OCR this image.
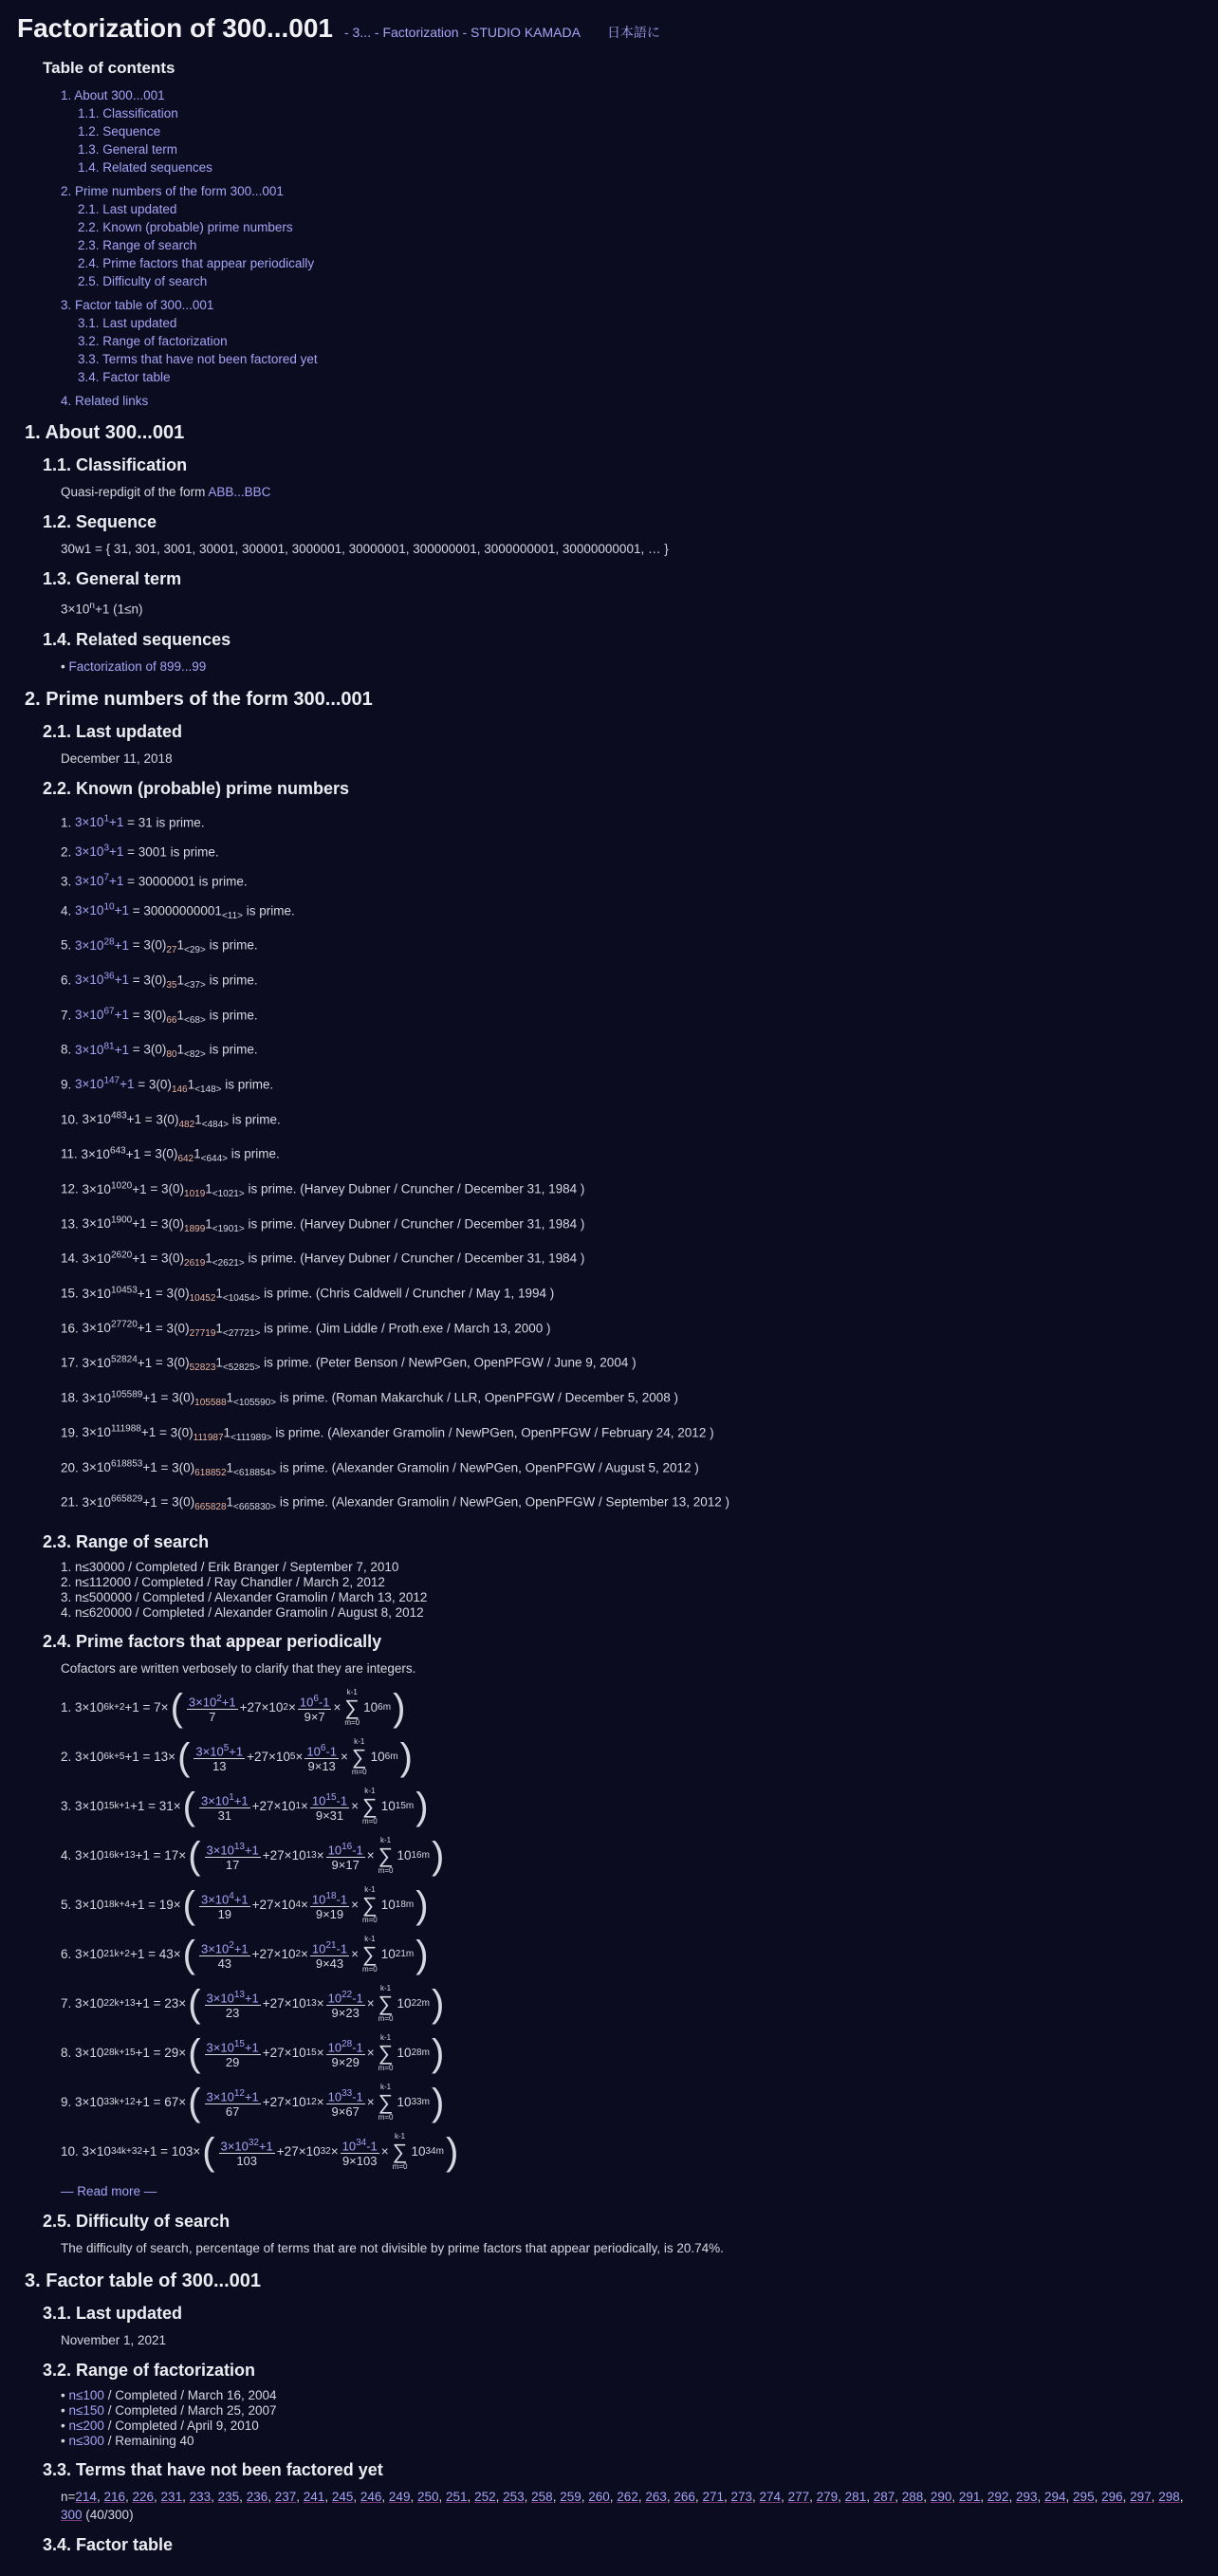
Factorization of 300...001 - 3... - Factorization - STUDIO KAMADA 日本語に
Table of contents
1. About 300...001
1.1. Classification
1.2. Sequence
1.3. General term
1.4. Related sequences
2. Prime numbers of the form 300...001
2.1. Last updated
2.2. Known (probable) prime numbers
2.3. Range of search
2.4. Prime factors that appear periodically
2.5. Difficulty of search
3. Factor table of 300...001
3.1. Last updated
3.2. Range of factorization
3.3. Terms that have not been factored yet
3.4. Factor table
4. Related links
1. About 300...001
1.1. Classification
Quasi-repdigit of the form ABB...BBC
1.2. Sequence
30w1 = { 31, 301, 3001, 30001, 300001, 3000001, 30000001, 300000001, 3000000001, 30000000001, … }
1.3. General term
$3\times 10^n+1$ (1≤n)
1.4. Related sequences
• Factorization of 899...99
2. Prime numbers of the form 300...001
2.1. Last updated
December 11, 2018
2.2. Known (probable) prime numbers
1. $3\times 10^1+1 = 31$ is prime.
2. $3\times 10^3+1 = 3001$ is prime.
3. $3\times 10^7+1 = 30000001$ is prime.
4. $3\times 10^{10}+1 = 30000000001_{<11>}$ is prime.
5. $3\times 10^{28}+1 = 3(0)_{27}1_{<29>}$ is prime.
6. $3\times 10^{36}+1 = 3(0)_{35}1_{<37>}$ is prime.
7. $3\times 10^{67}+1 = 3(0)_{66}1_{<68>}$ is prime.
8. $3\times 10^{81}+1 = 3(0)_{80}1_{<82>}$ is prime.
9. $3\times 10^{147}+1 = 3(0)_{146}1_{<148>}$ is prime.
10. $3\times 10^{483}+1 = 3(0)_{482}1_{<484>}$ is prime.
11. $3\times 10^{643}+1 = 3(0)_{642}1_{<644>}$ is prime.
12. $3\times 10^{1020}+1 = 3(0)_{1019}1_{<1021>}$ is prime. (Harvey Dubner / Cruncher / December 31, 1984 )
13. $3\times 10^{1900}+1 = 3(0)_{1899}1_{<1901>}$ is prime. (Harvey Dubner / Cruncher / December 31, 1984 )
14. $3\times 10^{2620}+1 = 3(0)_{2619}1_{<2621>}$ is prime. (Harvey Dubner / Cruncher / December 31, 1984 )
15. $3\times 10^{10453}+1 = 3(0)_{10452}1_{<10454>}$ is prime. (Chris Caldwell / Cruncher / May 1, 1994 )
16. $3\times 10^{27720}+1 = 3(0)_{27719}1_{<27721>}$ is prime. (Jim Liddle / Proth.exe / March 13, 2000 )
17. $3\times 10^{52824}+1 = 3(0)_{52823}1_{<52825>}$ is prime. (Peter Benson / NewPGen, OpenPFGW / June 9, 2004 )
18. $3\times 10^{105589}+1 = 3(0)_{105588}1_{<105590>}$ is prime. (Roman Makarchuk / LLR, OpenPFGW / December 5, 2008 )
19. $3\times 10^{111988}+1 = 3(0)_{111987}1_{<111989>}$ is prime. (Alexander Gramolin / NewPGen, OpenPFGW / February 24, 2012 )
20. $3\times 10^{618853}+1 = 3(0)_{618852}1_{<618854>}$ is prime. (Alexander Gramolin / NewPGen, OpenPFGW / August 5, 2012 )
21. $3\times 10^{665829}+1 = 3(0)_{665828}1_{<665830>}$ is prime. (Alexander Gramolin / NewPGen, OpenPFGW / September 13, 2012 )
2.3. Range of search
1. n≤30000 / Completed / Erik Branger / September 7, 2010
2. n≤112000 / Completed / Ray Chandler / March 2, 2012
3. n≤500000 / Completed / Alexander Gramolin / March 13, 2012
4. n≤620000 / Completed / Alexander Gramolin / August 8, 2012
2.4. Prime factors that appear periodically
Cofactors are written verbosely to clarify that they are integers.
1. 3×10 6k+2 +1 = 7× ( $\frac{3\times 10^2+1}{7} +27\times 10$ $2 \times \frac{10^6-1}{9\times 7}$ ×
k-1
∑
m=0
10 6m )
2. 3×10 6k+5 +1 = 13× ( $\frac{3\times 10^5+1}{13} +27\times 10$ $5 \times \frac{10^6-1}{9\times 13}$ ×
k-1
∑
m=0
10 6m )
3. 3×10 15k+1 +1 = 31× ( $\frac{3\times 10^1+1}{31} +27\times 10$ $1 \times \frac{10^{15}-1}{9\times 31}$ ×
k-1
∑
m=0
10 15m )
4. 3×10 16k+13 +1 = 17× ( $\frac{3\times 10^{13}+1}{17} +27\times 10$ $13 \times \frac{10^{16}-1}{9\times 17}$ ×
k-1
∑
m=0
10 16m )
5. 3×10 18k+4 +1 = 19× ( $\frac{3\times 10^4+1}{19} +27\times 10$ $4 \times \frac{10^{18}-1}{9\times 19}$ ×
k-1
∑
m=0
10 18m )
6. 3×10 21k+2 +1 = 43× ( $\frac{3\times 10^2+1}{43} +27\times 10$ $2 \times \frac{10^{21}-1}{9\times 43}$ ×
k-1
∑
m=0
10 21m )
7. 3×10 22k+13 +1 = 23× ( $\frac{3\times 10^{13}+1}{23} +27\times 10$ $13 \times \frac{10^{22}-1}{9\times 23}$ ×
k-1
∑
m=0
10 22m )
8. 3×10 28k+15 +1 = 29× ( $\frac{3\times 10^{15}+1}{29} +27\times 10$ $15 \times \frac{10^{28}-1}{9\times 29}$ ×
k-1
∑
m=0
10 28m )
9. 3×10 33k+12 +1 = 67× ( $\frac{3\times 10^{12}+1}{67} +27\times 10$ $12 \times \frac{10^{33}-1}{9\times 67}$ ×
k-1
∑
m=0
10 33m )
10. 3×10 34k+32 +1 = 103× ( $\frac{3\times 10^{32}+1}{103} +27\times 10$ $32 \times \frac{10^{34}-1}{9\times 103}$ ×
k-1
∑
m=0
10 34m )
— Read more —
2.5. Difficulty of search
The difficulty of search, percentage of terms that are not divisible by prime factors that appear periodically, is 20.74%.
3. Factor table of 300...001
3.1. Last updated
November 1, 2021
3.2. Range of factorization
• n≤100 / Completed / March 16, 2004
• n≤150 / Completed / March 25, 2007
• n≤200 / Completed / April 9, 2010
• n≤300 / Remaining 40
3.3. Terms that have not been factored yet
n=214, 216, 226, 231, 233, 235, 236, 237, 241, 245, 246, 249, 250, 251, 252, 253, 258, 259, 260, 262, 263, 266, 271, 273, 274, 277, 279, 281, 287, 288, 290, 291, 292, 293, 294, 295, 296, 297, 298, 300 (40/300)
3.4. Factor table
